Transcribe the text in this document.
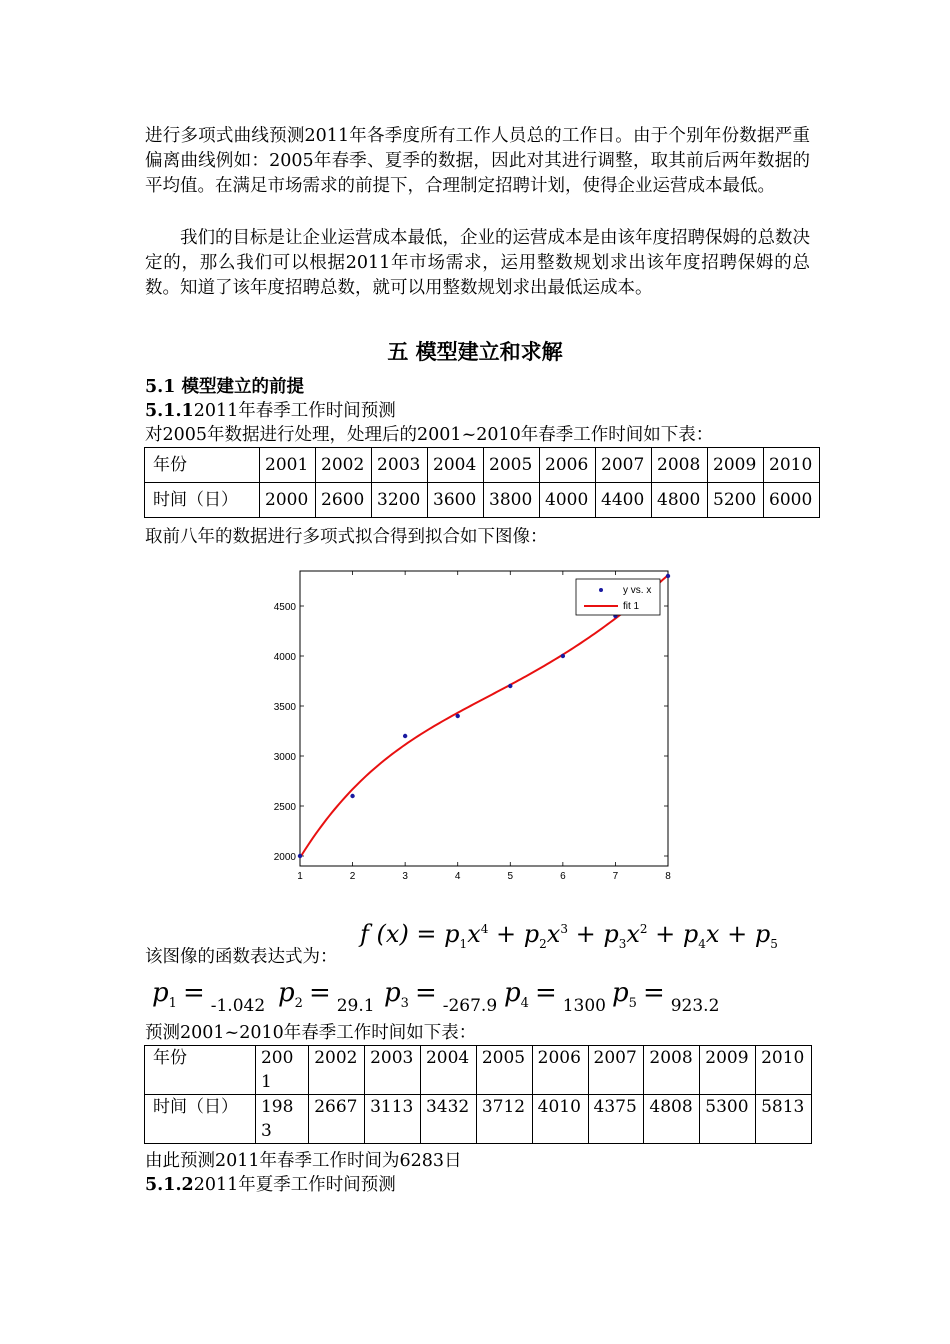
进行多项式曲线预测2011年各季度所有工作人员总的工作日。由于个别年份数据严重偏离曲线例如：2005年春季、夏季的数据，因此对其进行调整，取其前后两年数据的平均值。在满足市场需求的前提下，合理制定招聘计划，使得企业运营成本最低。

我们的目标是让企业运营成本最低，企业的运营成本是由该年度招聘保姆的总数决定的，那么我们可以根据2011年市场需求，运用整数规划求出该年度招聘保姆的总数。知道了该年度招聘总数，就可以用整数规划求出最低运成本。

五 模型建立和求解
5.1 模型建立的前提
5.1.12011年春季工作时间预测
对2005年数据进行处理，处理后的2001~2010年春季工作时间如下表：
年份	2001	2002	2003	2004	2005	2006	2007	2008	2009	2010
时间（日）	2000	2600	3200	3600	3800	4000	4400	4800	5200	6000
取前八年的数据进行多项式拟合得到拟合如下图像：
1	2	3	4	5	6	7	8
2000
2500
3000
3500
4000
4500
y vs. x
fit 1
该图像的函数表达式为：
f $(x) = p_1x^4 + p_2x^3 + p_3x^2 + p_4x + p_5$
$p_1 = -1.042$ $p_2 = 29.1$ $p_3 = -267.9$ $p_4 = 1300$ $p_5 = 923.2$
预测2001~2010年春季工作时间如下表：
年份	2001	2002	2003	2004	2005	2006	2007	2008	2009	2010
时间（日）	1983	2667	3113	3432	3712	4010	4375	4808	5300	5813
由此预测2011年春季工作时间为6283日
5.1.22011年夏季工作时间预测
